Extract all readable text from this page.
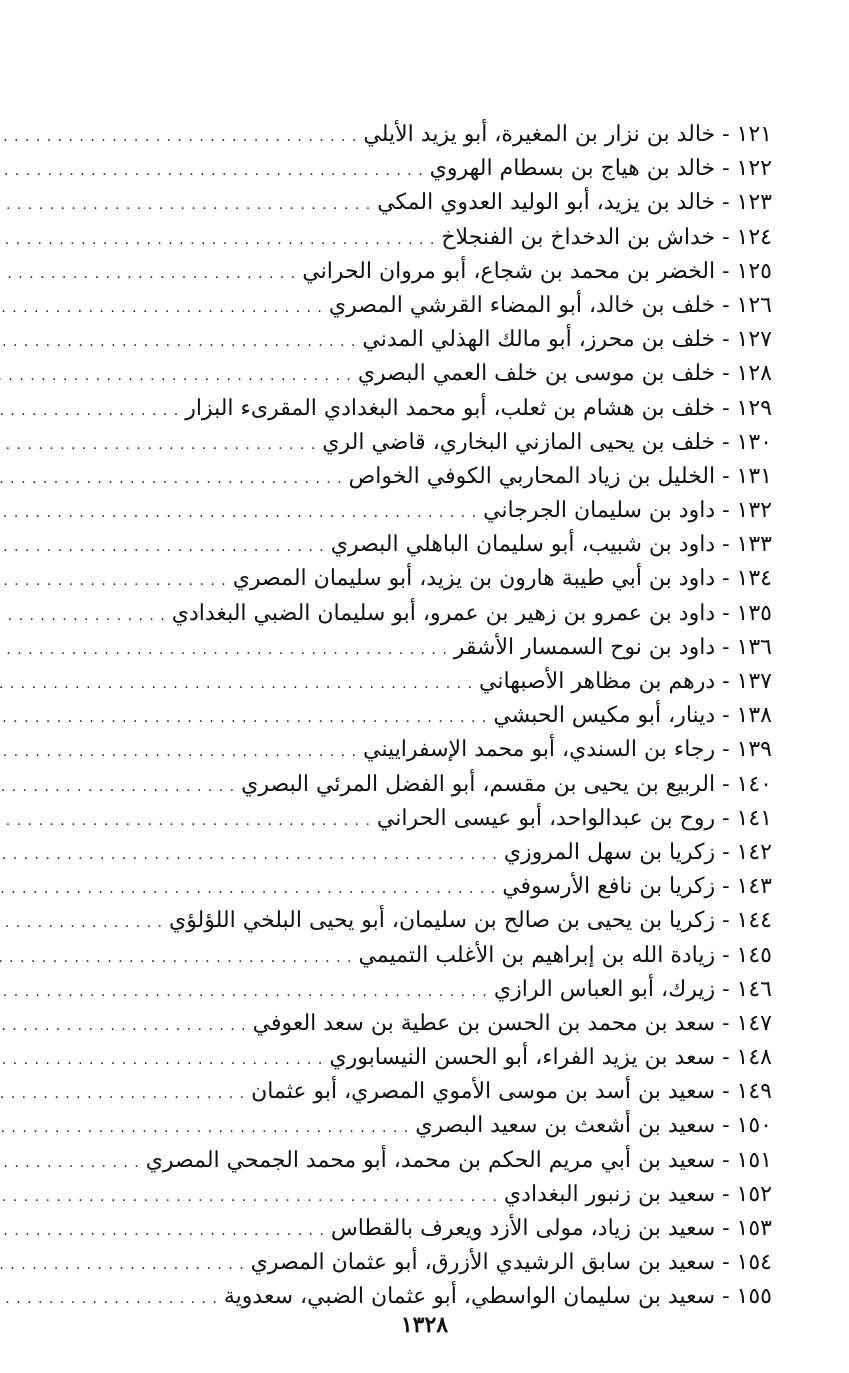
١٢١
-
خالد بن نزار بن المغيرة، أبو يزيد الأيلي
. . .
١٢٢
-
خالد بن هياج بن بسطام الهروي
. . .
١٢٣
-
خالد بن يزيد، أبو الوليد العدوي المكي
. . .
١٢٤
-
خداش بن الدخداخ بن الفنجلاخ
. . .
١٢٥
-
الخضر بن محمد بن شجاع، أبو مروان الحراني
. . .
١٢٦
-
خلف بن خالد، أبو المضاء القرشي المصري
. . .
١٢٧
-
خلف بن محرز، أبو مالك الهذلي المدني
. . .
١٢٨
-
خلف بن موسى بن خلف العمي البصري
. . .
١٢٩
-
خلف بن هشام بن ثعلب، أبو محمد البغدادي المقرىء البزار
. . .
١٣٠
-
خلف بن يحيى المازني البخاري، قاضي الري
. . .
١٣١
-
الخليل بن زياد المحاربي الكوفي الخواص
. . .
١٣٢
-
داود بن سليمان الجرجاني
. . .
١٣٣
-
داود بن شبيب، أبو سليمان الباهلي البصري
. . .
١٣٤
-
داود بن أبي طيبة هارون بن يزيد، أبو سليمان المصري
. . .
١٣٥
-
داود بن عمرو بن زهير بن عمرو، أبو سليمان الضبي البغدادي
. . .
١٣٦
-
داود بن نوح السمسار الأشقر
. . .
١٣٧
-
درهم بن مظاهر الأصبهاني
. . .
١٣٨
-
دينار، أبو مكيس الحبشي
. . .
١٣٩
-
رجاء بن السندي، أبو محمد الإسفراييني
. . .
١٤٠
-
الربيع بن يحيى بن مقسم، أبو الفضل المرئي البصري
. . .
١٤١
-
روح بن عبدالواحد، أبو عيسى الحراني
. . .
١٤٢
-
زكريا بن سهل المروزي
. . .
١٤٣
-
زكريا بن نافع الأرسوفي
. . .
١٤٤
-
زكريا بن يحيى بن صالح بن سليمان، أبو يحيى البلخي اللؤلؤي
. . .
١٤٥
-
زيادة الله بن إبراهيم بن الأغلب التميمي
. . .
١٤٦
-
زيرك، أبو العباس الرازي
. . .
١٤٧
-
سعد بن محمد بن الحسن بن عطية بن سعد العوفي
. . .
١٤٨
-
سعد بن يزيد الفراء، أبو الحسن النيسابوري
. . .
١٤٩
-
سعيد بن أسد بن موسى الأموي المصري، أبو عثمان
. . .
١٥٠
-
سعيد بن أشعث بن سعيد البصري
. . .
١٥١
-
سعيد بن أبي مريم الحكم بن محمد، أبو محمد الجمحي المصري
. . .
١٥٢
-
سعيد بن زنبور البغدادي
. . .
١٥٣
-
سعيد بن زياد، مولى الأزد ويعرف بالقطاس
. . .
١٥٤
-
سعيد بن سابق الرشيدي الأزرق، أبو عثمان المصري
. . .
١٥٥
-
سعيد بن سليمان الواسطي، أبو عثمان الضبي، سعدوية
. . .
١٣٢٨
